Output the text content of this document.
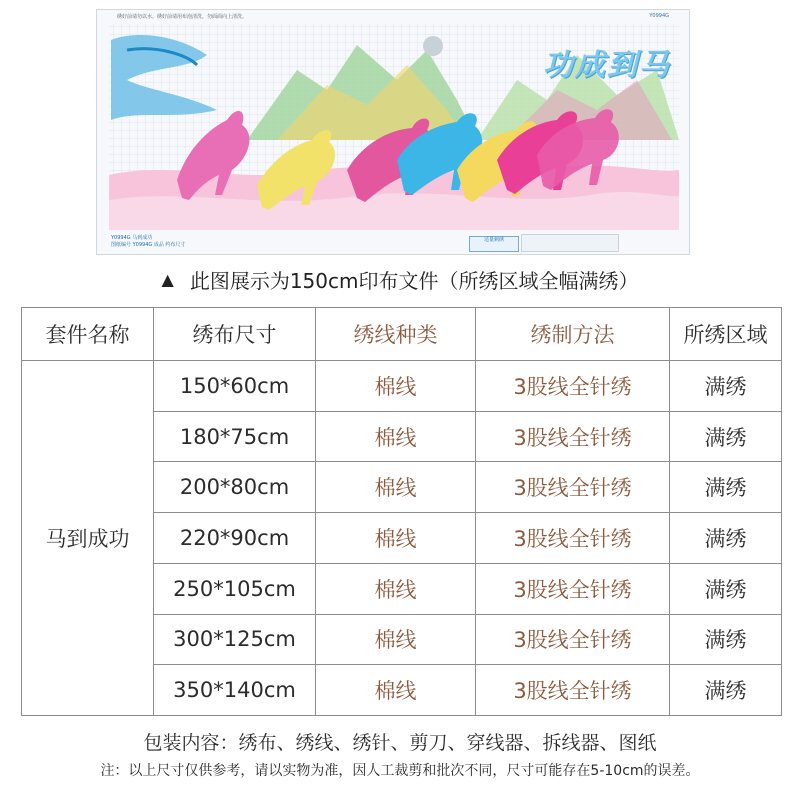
绣好前请勿以水。绣好前请用布泡清洗，勿面面向上清洗。	Y0994G
功成到马
Y0994G 马到成功
图纸编号 Y0994G 成品 约布尺寸
适量刺绣
▲ 此图展示为150cm印布文件（所绣区域全幅满绣）
套件名称	绣布尺寸	绣线种类	绣制方法	所绣区域
马到成功	150*60cm	棉线	3股线全针绣	满绣
	180*75cm	棉线	3股线全针绣	满绣
	200*80cm	棉线	3股线全针绣	满绣
	220*90cm	棉线	3股线全针绣	满绣
	250*105cm	棉线	3股线全针绣	满绣
	300*125cm	棉线	3股线全针绣	满绣
	350*140cm	棉线	3股线全针绣	满绣
包装内容：绣布、绣线、绣针、剪刀、穿线器、拆线器、图纸
注：以上尺寸仅供参考，请以实物为准，因人工裁剪和批次不同，尺寸可能存在5-10cm的误差。
